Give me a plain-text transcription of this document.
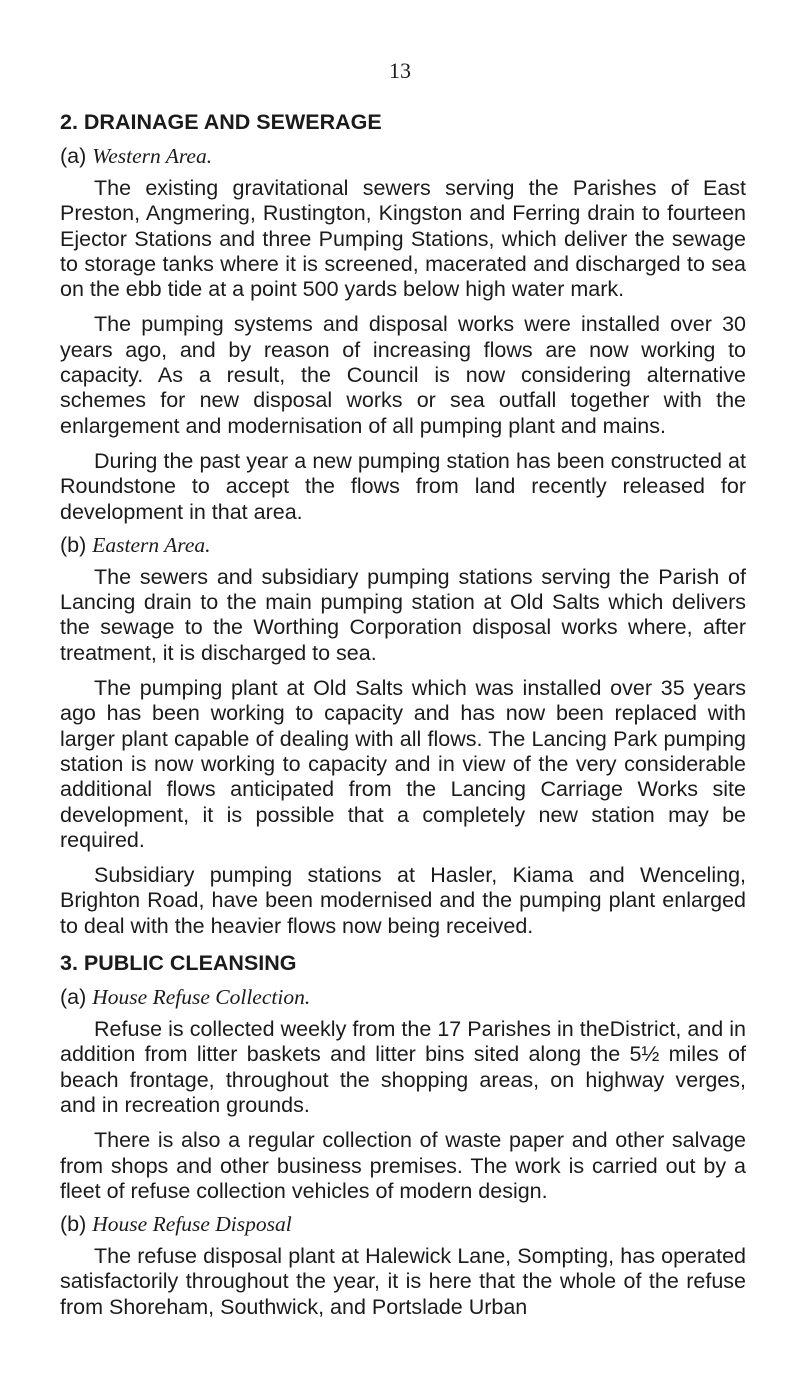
13

2. DRAINAGE AND SEWERAGE

(a) Western Area.

The existing gravitational sewers serving the Parishes of East Preston, Angmering, Rustington, Kingston and Ferring drain to fourteen Ejector Stations and three Pumping Stations, which deliver the sewage to storage tanks where it is screened, macerated and discharged to sea on the ebb tide at a point 500 yards below high water mark.

The pumping systems and disposal works were installed over 30 years ago, and by reason of increasing flows are now working to capacity. As a result, the Council is now considering alternative schemes for new disposal works or sea outfall together with the enlargement and modernisation of all pumping plant and mains.

During the past year a new pumping station has been constructed at Roundstone to accept the flows from land recently released for development in that area.

(b) Eastern Area.

The sewers and subsidiary pumping stations serving the Parish of Lancing drain to the main pumping station at Old Salts which delivers the sewage to the Worthing Corporation disposal works where, after treatment, it is discharged to sea.

The pumping plant at Old Salts which was installed over 35 years ago has been working to capacity and has now been replaced with larger plant capable of dealing with all flows. The Lancing Park pumping station is now working to capacity and in view of the very considerable additional flows anticipated from the Lancing Carriage Works site development, it is possible that a completely new station may be required.

Subsidiary pumping stations at Hasler, Kiama and Wenceling, Brighton Road, have been modernised and the pumping plant enlarged to deal with the heavier flows now being received.

3. PUBLIC CLEANSING

(a) House Refuse Collection.

Refuse is collected weekly from the 17 Parishes in theDistrict, and in addition from litter baskets and litter bins sited along the 5½ miles of beach frontage, throughout the shopping areas, on highway verges, and in recreation grounds.

There is also a regular collection of waste paper and other salvage from shops and other business premises. The work is carried out by a fleet of refuse collection vehicles of modern design.

(b) House Refuse Disposal

The refuse disposal plant at Halewick Lane, Sompting, has operated satisfactorily throughout the year, it is here that the whole of the refuse from Shoreham, Southwick, and Portslade Urban
